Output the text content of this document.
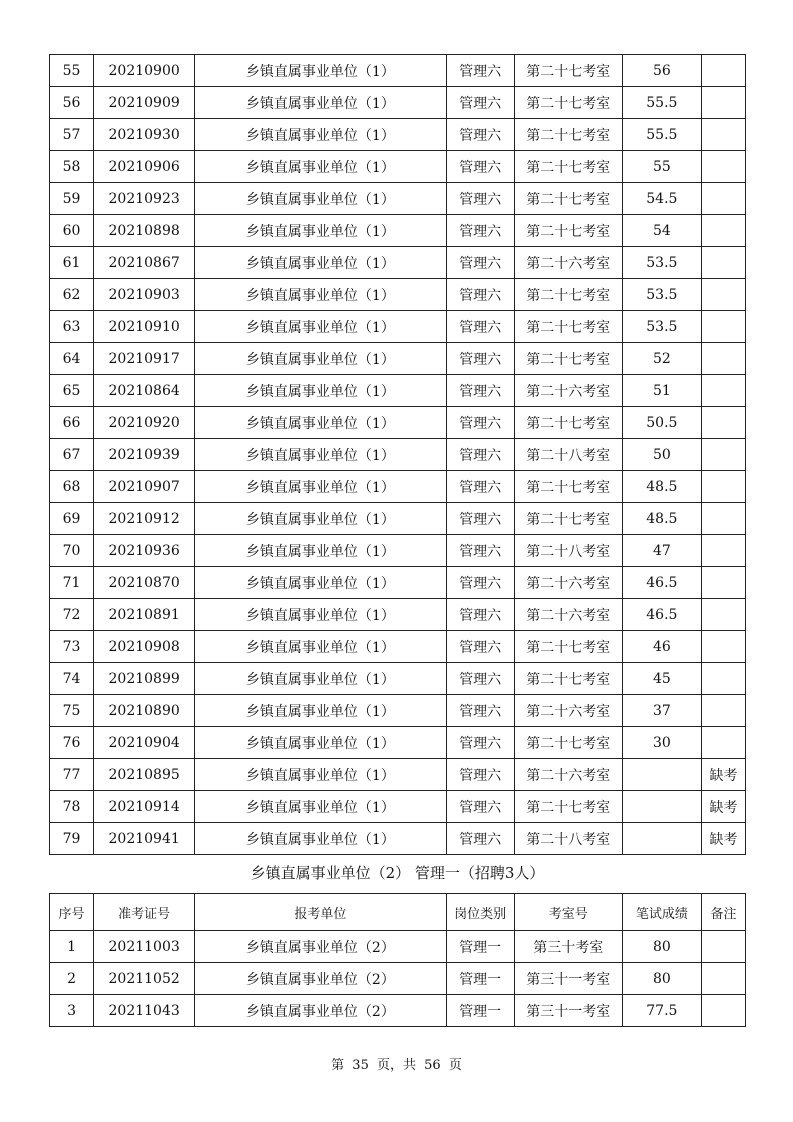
55	20210900	乡镇直属事业单位（1）	管理六	第二十七考室	56	
56	20210909	乡镇直属事业单位（1）	管理六	第二十七考室	55.5	
57	20210930	乡镇直属事业单位（1）	管理六	第二十七考室	55.5	
58	20210906	乡镇直属事业单位（1）	管理六	第二十七考室	55	
59	20210923	乡镇直属事业单位（1）	管理六	第二十七考室	54.5	
60	20210898	乡镇直属事业单位（1）	管理六	第二十七考室	54	
61	20210867	乡镇直属事业单位（1）	管理六	第二十六考室	53.5	
62	20210903	乡镇直属事业单位（1）	管理六	第二十七考室	53.5	
63	20210910	乡镇直属事业单位（1）	管理六	第二十七考室	53.5	
64	20210917	乡镇直属事业单位（1）	管理六	第二十七考室	52	
65	20210864	乡镇直属事业单位（1）	管理六	第二十六考室	51	
66	20210920	乡镇直属事业单位（1）	管理六	第二十七考室	50.5	
67	20210939	乡镇直属事业单位（1）	管理六	第二十八考室	50	
68	20210907	乡镇直属事业单位（1）	管理六	第二十七考室	48.5	
69	20210912	乡镇直属事业单位（1）	管理六	第二十七考室	48.5	
70	20210936	乡镇直属事业单位（1）	管理六	第二十八考室	47	
71	20210870	乡镇直属事业单位（1）	管理六	第二十六考室	46.5	
72	20210891	乡镇直属事业单位（1）	管理六	第二十六考室	46.5	
73	20210908	乡镇直属事业单位（1）	管理六	第二十七考室	46	
74	20210899	乡镇直属事业单位（1）	管理六	第二十七考室	45	
75	20210890	乡镇直属事业单位（1）	管理六	第二十六考室	37	
76	20210904	乡镇直属事业单位（1）	管理六	第二十七考室	30	
77	20210895	乡镇直属事业单位（1）	管理六	第二十六考室		缺考
78	20210914	乡镇直属事业单位（1）	管理六	第二十七考室		缺考
79	20210941	乡镇直属事业单位（1）	管理六	第二十八考室		缺考
乡镇直属事业单位（2） 管理一（招聘3人）
序号	准考证号	报考单位	岗位类别	考室号	笔试成绩	备注
1	20211003	乡镇直属事业单位（2）	管理一	第三十考室	80	
2	20211052	乡镇直属事业单位（2）	管理一	第三十一考室	80	
3	20211043	乡镇直属事业单位（2）	管理一	第三十一考室	77.5	
第 35 页，共 56 页
